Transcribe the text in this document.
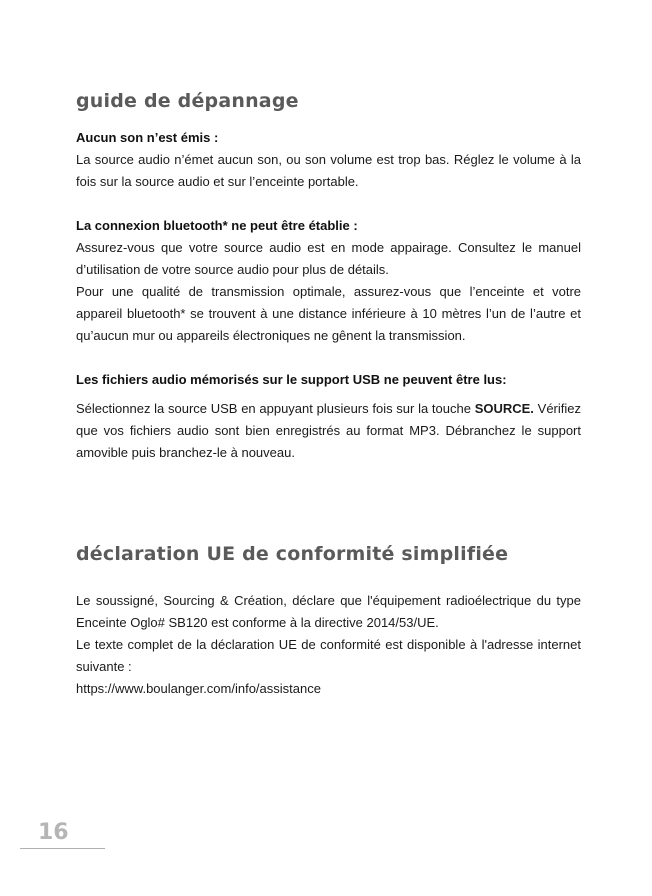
guide de dépannage

Aucun son n’est émis :

La source audio n’émet aucun son, ou son volume est trop bas. Réglez le volume à la fois sur la source audio et sur l’enceinte portable.

La connexion bluetooth* ne peut être établie :

Assurez-vous que votre source audio est en mode appairage. Consultez le manuel d’utilisation de votre source audio pour plus de détails.

Pour une qualité de transmission optimale, assurez-vous que l’enceinte et votre appareil bluetooth* se trouvent à une distance inférieure à 10 mètres l’un de l’autre et qu’aucun mur ou appareils électroniques ne gênent la transmission.

Les fichiers audio mémorisés sur le support USB ne peuvent être lus:

Sélectionnez la source USB en appuyant plusieurs fois sur la touche SOURCE. Vérifiez que vos fichiers audio sont bien enregistrés au format MP3. Débranchez le support amovible puis branchez-le à nouveau.

déclaration UE de conformité simplifiée

Le soussigné, Sourcing & Création, déclare que l'équipement radioélectrique du type Enceinte Oglo# SB120 est conforme à la directive 2014/53/UE.

Le texte complet de la déclaration UE de conformité est disponible à l'adresse internet suivante :

https://www.boulanger.com/info/assistance

16
